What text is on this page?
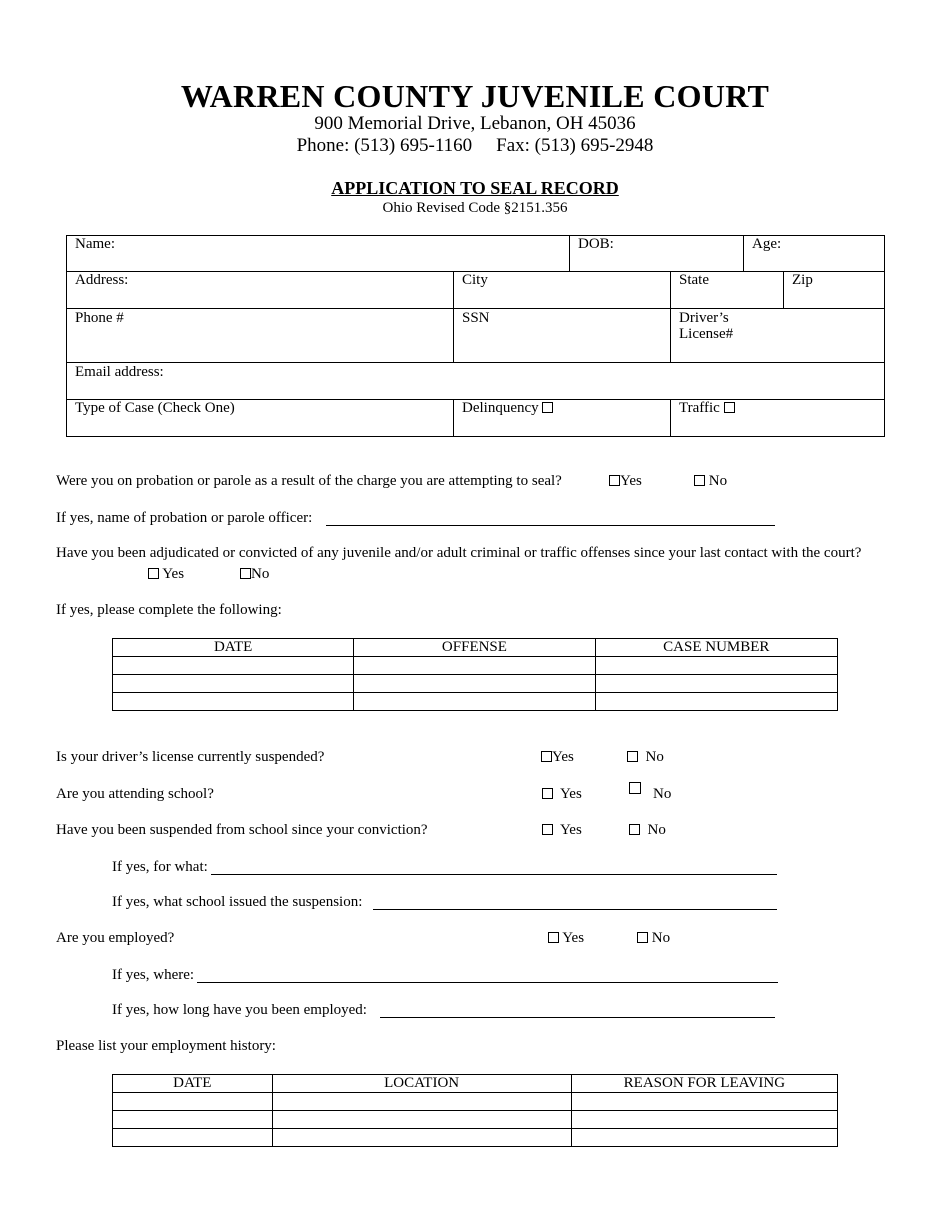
WARREN COUNTY JUVENILE COURT
900 Memorial Drive, Lebanon, OH 45036
Phone: (513) 695-1160 Fax: (513) 695-2948
APPLICATION TO SEAL RECORD
Ohio Revised Code §2151.356
Name:	DOB:	Age:
Address:	City	State	Zip
Phone #	SSN	Driver’s
License#
Email address:
Type of Case (Check One)	Delinquency	Traffic
Were you on probation or parole as a result of the charge you are attempting to seal?	Yes	No
If yes, name of probation or parole officer:
Have you been adjudicated or convicted of any juvenile and/or adult criminal or traffic offenses since your last contact with the court?
Yes	No
If yes, please complete the following:
DATE	OFFENSE	CASE NUMBER

Is your driver’s license currently suspended?	Yes	No
Are you attending school?	Yes	No
Have you been suspended from school since your conviction?	Yes	No
If yes, for what:
If yes, what school issued the suspension:
Are you employed?	Yes	No
If yes, where:
If yes, how long have you been employed:
Please list your employment history:
DATE	LOCATION	REASON FOR LEAVING
